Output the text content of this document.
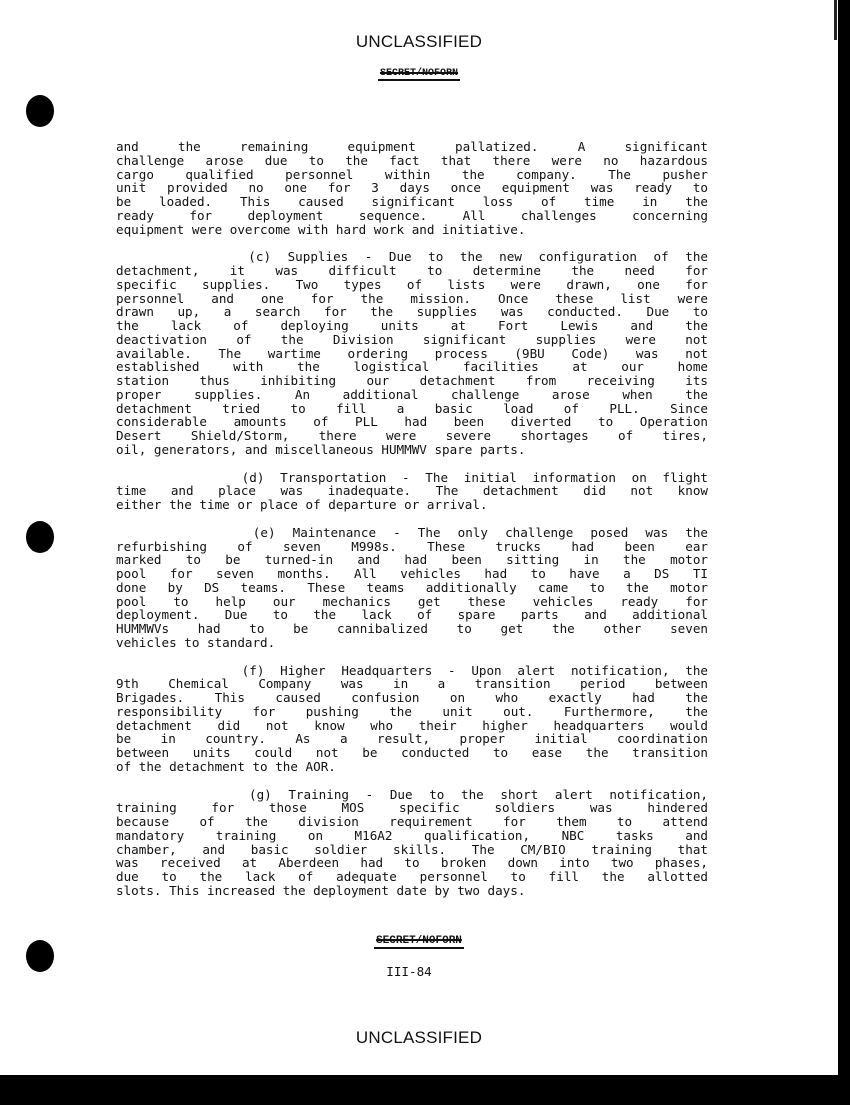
UNCLASSIFIED
SECRET/NOFORN
and the remaining equipment pallatized. A significant
challenge arose due to the fact that there were no hazardous
cargo qualified personnel within the company. The pusher
unit provided no one for 3 days once equipment was ready to
be loaded. This caused significant loss of time in the
ready for deployment sequence. All challenges concerning
equipment were overcome with hard work and initiative.
(c) Supplies - Due to the new configuration of the
detachment, it was difficult to determine the need for
specific supplies. Two types of lists were drawn, one for
personnel and one for the mission. Once these list were
drawn up, a search for the supplies was conducted. Due to
the lack of deploying units at Fort Lewis and the
deactivation of the Division significant supplies were not
available. The wartime ordering process (9BU Code) was not
established with the logistical facilities at our home
station thus inhibiting our detachment from receiving its
proper supplies. An additional challenge arose when the
detachment tried to fill a basic load of PLL. Since
considerable amounts of PLL had been diverted to Operation
Desert Shield/Storm, there were severe shortages of tires,
oil, generators, and miscellaneous HUMMWV spare parts.
(d) Transportation - The initial information on flight
time and place was inadequate. The detachment did not know
either the time or place of departure or arrival.
(e) Maintenance - The only challenge posed was the
refurbishing of seven M998s. These trucks had been ear
marked to be turned-in and had been sitting in the motor
pool for seven months. All vehicles had to have a DS TI
done by DS teams. These teams additionally came to the motor
pool to help our mechanics get these vehicles ready for
deployment. Due to the lack of spare parts and additional
HUMMWVs had to be cannibalized to get the other seven
vehicles to standard.
(f) Higher Headquarters - Upon alert notification, the
9th Chemical Company was in a transition period between
Brigades. This caused confusion on who exactly had the
responsibility for pushing the unit out. Furthermore, the
detachment did not know who their higher headquarters would
be in country. As a result, proper initial coordination
between units could not be conducted to ease the transition
of the detachment to the AOR.
(g) Training - Due to the short alert notification,
training for those MOS specific soldiers was hindered
because of the division requirement for them to attend
mandatory training on M16A2 qualification, NBC tasks and
chamber, and basic soldier skills. The CM/BIO training that
was received at Aberdeen had to broken down into two phases,
due to the lack of adequate personnel to fill the allotted
slots. This increased the deployment date by two days.
SECRET/NOFORN
III-84
UNCLASSIFIED
